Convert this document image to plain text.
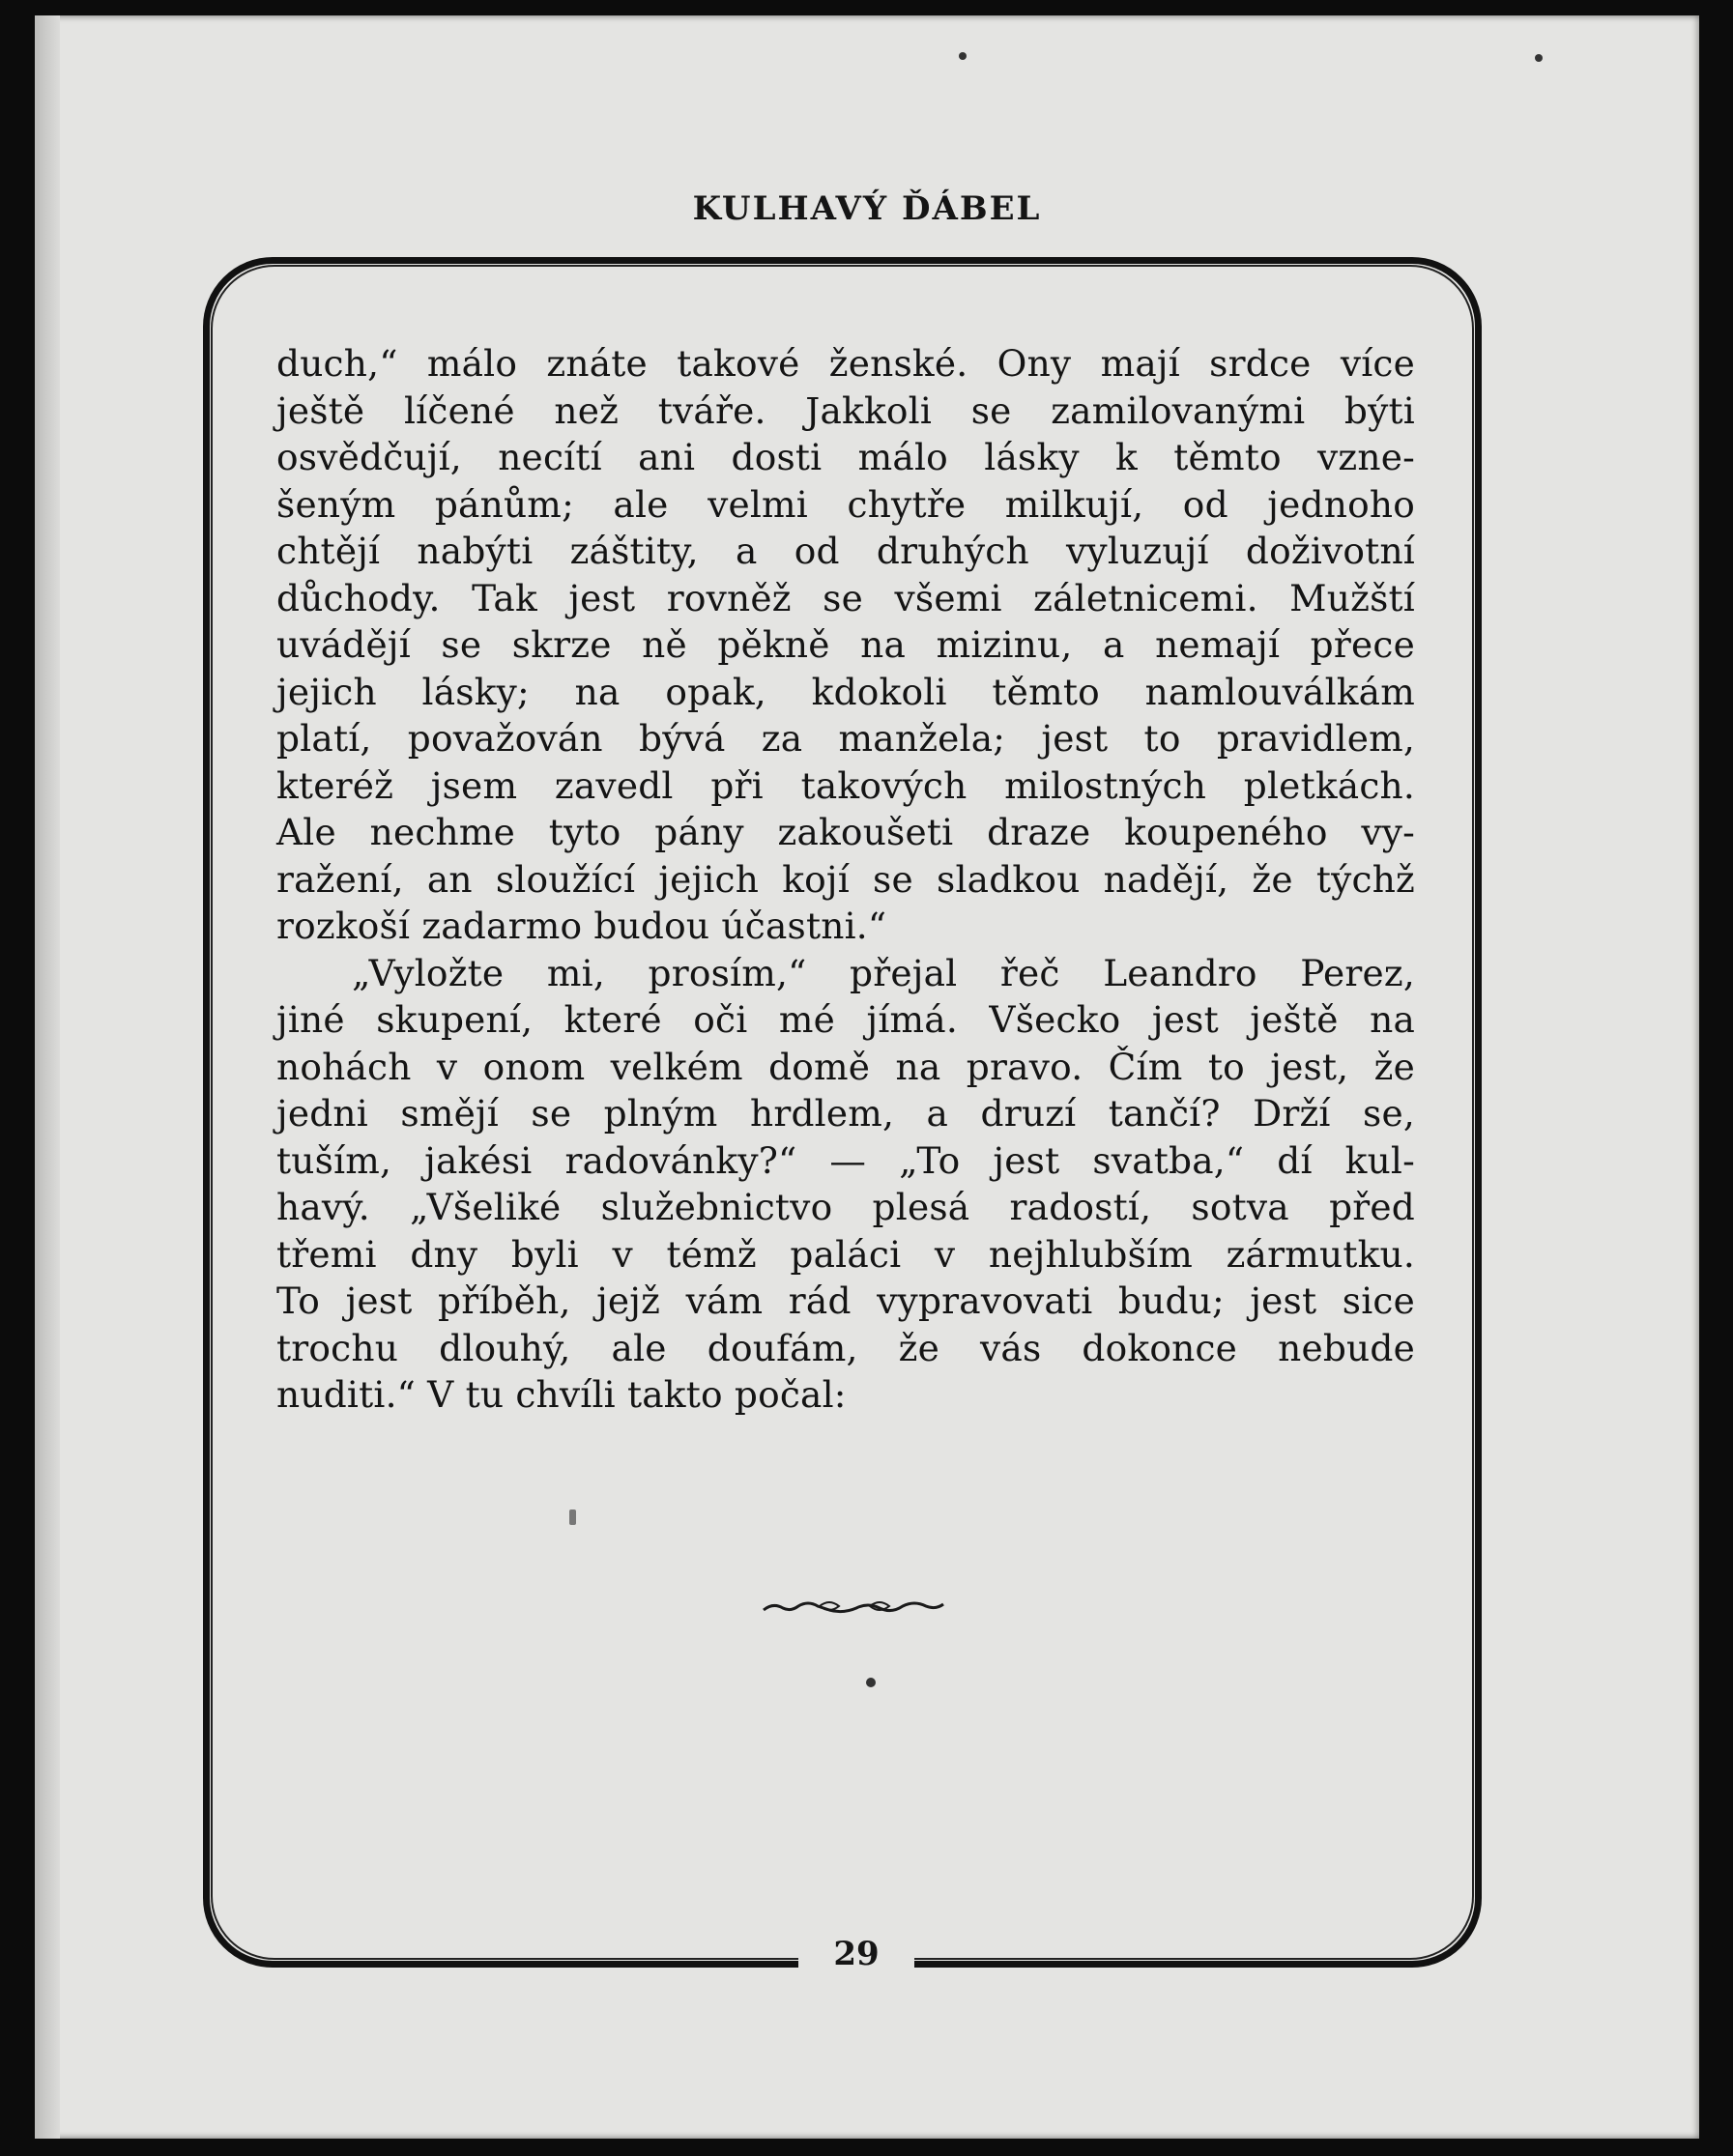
KULHAVÝ ĎÁBEL
duch,“ málo znáte takové ženské. Ony mají srdce více
ještě líčené než tváře. Jakkoli se zamilovanými býti
osvědčují, necítí ani dosti málo lásky k těmto vzne-
šeným pánům; ale velmi chytře milkují, od jednoho
chtějí nabýti záštity, a od druhých vyluzují doživotní
důchody. Tak jest rovněž se všemi záletnicemi. Mužští
uvádějí se skrze ně pěkně na mizinu, a nemají přece
jejich lásky; na opak, kdokoli těmto namlouválkám
platí, považován bývá za manžela; jest to pravidlem,
kteréž jsem zavedl při takových milostných pletkách.
Ale nechme tyto pány zakoušeti draze koupeného vy-
ražení, an sloužící jejich kojí se sladkou nadějí, že týchž
rozkoší zadarmo budou účastni.“
„Vyložte mi, prosím,“ přejal řeč Leandro Perez,
jiné skupení, které oči mé jímá. Všecko jest ještě na
nohách v onom velkém domě na pravo. Čím to jest, že
jedni smějí se plným hrdlem, a druzí tančí? Drží se,
tuším, jakési radovánky?“ — „To jest svatba,“ dí kul-
havý. „Všeliké služebnictvo plesá radostí, sotva před
třemi dny byli v témž paláci v nejhlubším zármutku.
To jest příběh, jejž vám rád vypravovati budu; jest sice
trochu dlouhý, ale doufám, že vás dokonce nebude
nuditi.“ V tu chvíli takto počal:
29
